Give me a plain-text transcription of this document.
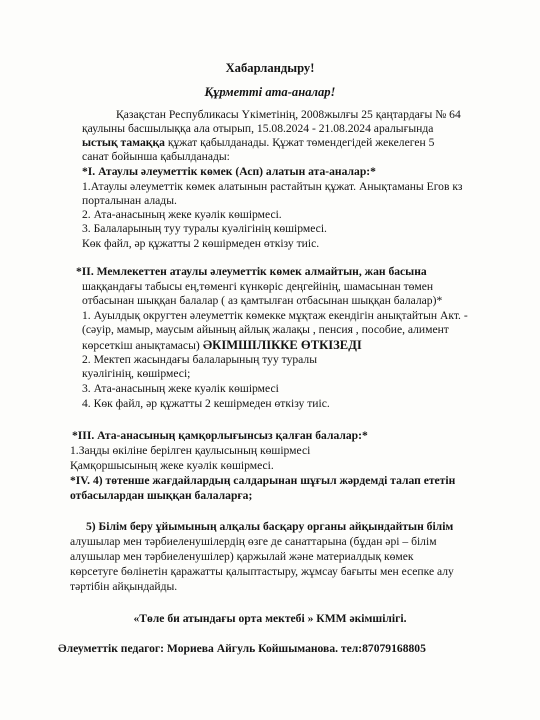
Хабарландыру!
Құрметті ата-аналар!
Қазақстан Республикасы Үкіметінің, 2008жылғы 25 қаңтардағы № 64
қаулыны басшылыққа ала отырып, 15.08.2024 - 21.08.2024 аралығында
ыстық тамаққа құжат қабылданады. Құжат төмендегідей жекелеген 5
санат бойынша қабылданады:
*I. Атаулы әлеуметтік көмек (Асп) алатын ата-аналар:*
1.Атаулы әлеуметтік көмек алатынын растайтын құжат. Анықтаманы Егов кз
порталынан алады.
2. Ата-анасының жеке куәлік көшірмесі.
3. Балаларының туу туралы куәлігінің көшірмесі.
Көк файл, әр құжатты 2 көшірмеден өткізу тиіс.
*II. Мемлекеттен атаулы әлеуметтік көмек алмайтын, жан басына
шаққандағы табысы ең,төменгі күнкөріс деңгейінің, шамасынан төмен
отбасынан шыққан балалар ( аз қамтылған отбасынан шыққан балалар)*
1. Ауылдық округтен әлеуметтік көмекке мұқтаж екендігін анықтайтын Акт. -
(сәуір, мамыр, маусым айының айлық жалақы , пенсия , пособие, алимент
көрсеткіш анықтамасы) ӘКІМШІЛІККЕ ӨТКІЗЕДІ
2. Мектеп жасындағы балаларының туу туралы
куәлігінің, көшірмесі;
3. Ата-анасының жеке куәлік көшірмесі
4. Көк файл, әр құжатты 2 кешірмеден өткізу тиіс.
*III. Ата-анасының қамқорлығынсыз қалған балалар:*
1.Заңды өкіліне берілген қаулысының көшірмесі
Қамқоршысының жеке куәлік көшірмесі.
*IV. 4) төтенше жағдайлардың салдарынан шұғыл жәрдемді талап ететін
отбасылардан шыққан балаларға;
5) Білім беру ұйымының алқалы басқару органы айқындайтын білім
алушылар мен тәрбиеленушілердің өзге де санаттарына (бұдан әрі – білім
алушылар мен тәрбиеленушілер) қаржылай және материалдық көмек
көрсетуге бөлінетін қаражатты қалыптастыру, жұмсау бағыты мен есепке алу
тәртібін айқындайды.
«Төле би атындағы орта мектебі » КММ әкімшілігі.
Әлеуметтік педагог: Мориева Айгуль Койшымановa. тел:87079168805
